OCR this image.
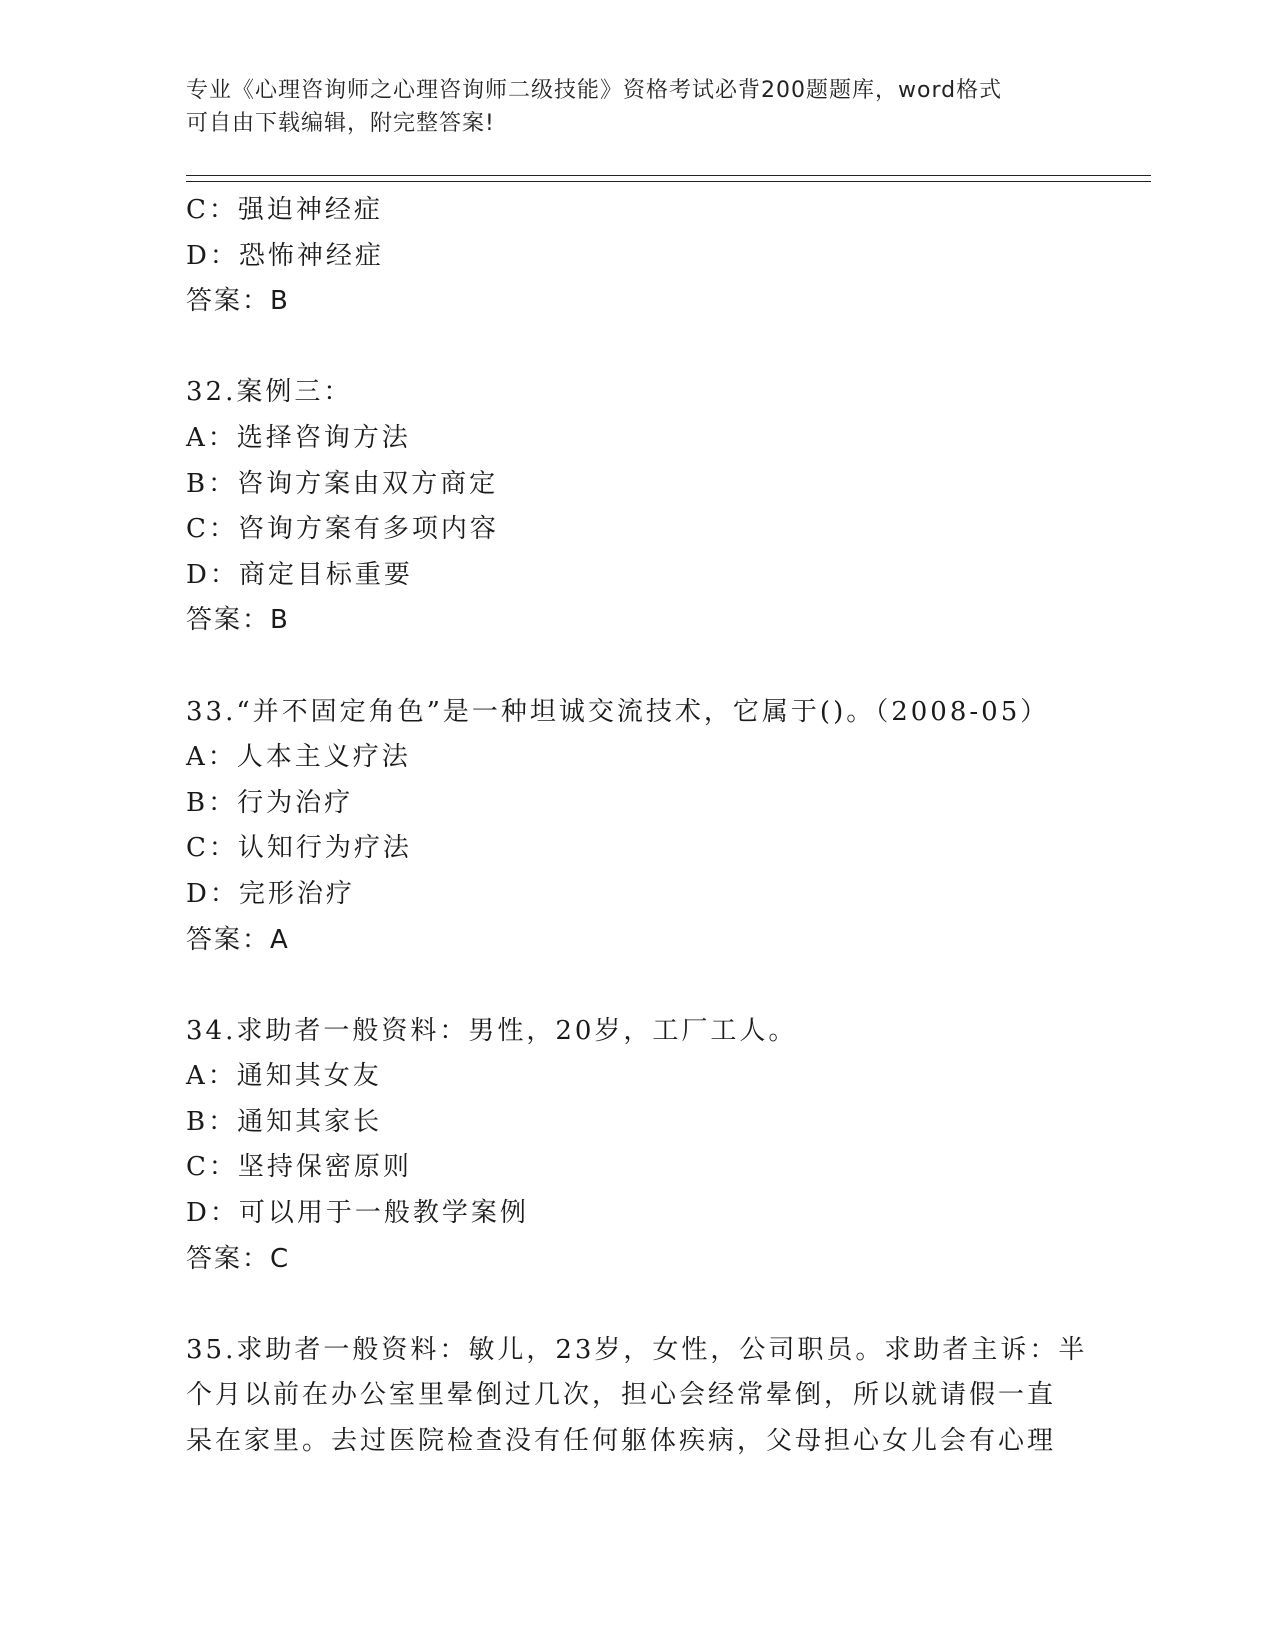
专业《心理咨询师之心理咨询师二级技能》资格考试必背200题题库，word格式
可自由下载编辑，附完整答案!
C：强迫神经症
D：恐怖神经症
答案：B
32.案例三：
A：选择咨询方法
B：咨询方案由双方商定
C：咨询方案有多项内容
D：商定目标重要
答案：B
33.“并不固定角色”是一种坦诚交流技术，它属于()。（2008-05）
A：人本主义疗法
B：行为治疗
C：认知行为疗法
D：完形治疗
答案：A
34.求助者一般资料：男性，20岁，工厂工人。
A：通知其女友
B：通知其家长
C：坚持保密原则
D：可以用于一般教学案例
答案：C
35.求助者一般资料：敏儿，23岁，女性，公司职员。求助者主诉：半
个月以前在办公室里晕倒过几次，担心会经常晕倒，所以就请假一直
呆在家里。去过医院检查没有任何躯体疾病，父母担心女儿会有心理
